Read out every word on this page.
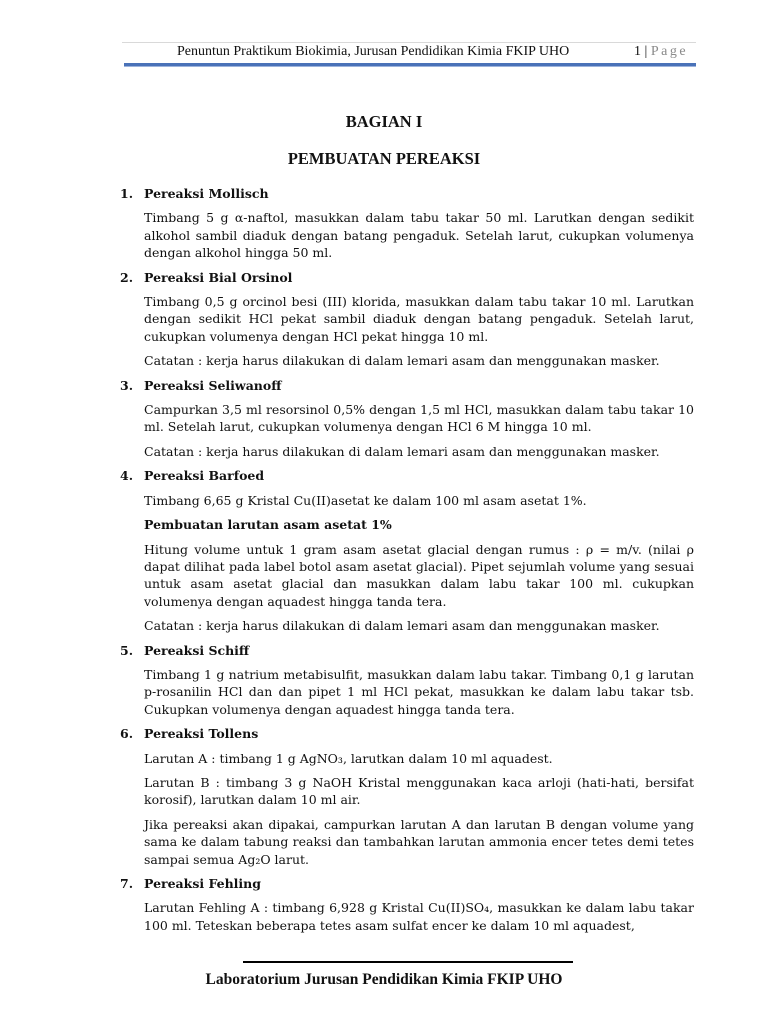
Penuntun Praktikum Biokimia, Jurusan Pendidikan Kimia FKIP UHO	1 | Page
BAGIAN I
PEMBUATAN PEREAKSI
1. Pereaksi Mollisch

Timbang 5 g α-naftol, masukkan dalam tabu takar 50 ml. Larutkan dengan sedikit alkohol sambil diaduk dengan batang pengaduk. Setelah larut, cukupkan volumenya dengan alkohol hingga 50 ml.

2. Pereaksi Bial Orsinol

Timbang 0,5 g orcinol besi (III) klorida, masukkan dalam tabu takar 10 ml. Larutkan dengan sedikit HCl pekat sambil diaduk dengan batang pengaduk. Setelah larut, cukupkan volumenya dengan HCl pekat hingga 10 ml.

Catatan : kerja harus dilakukan di dalam lemari asam dan menggunakan masker.

3. Pereaksi Seliwanoff

Campurkan 3,5 ml resorsinol 0,5% dengan 1,5 ml HCl, masukkan dalam tabu takar 10 ml. Setelah larut, cukupkan volumenya dengan HCl 6 M hingga 10 ml.

Catatan : kerja harus dilakukan di dalam lemari asam dan menggunakan masker.

4. Pereaksi Barfoed

Timbang 6,65 g Kristal Cu(II)asetat ke dalam 100 ml asam asetat 1%.

Pembuatan larutan asam asetat 1%

Hitung volume untuk 1 gram asam asetat glacial dengan rumus : ρ = m/v. (nilai ρ dapat dilihat pada label botol asam asetat glacial). Pipet sejumlah volume yang sesuai untuk asam asetat glacial dan masukkan dalam labu takar 100 ml. cukupkan volumenya dengan aquadest hingga tanda tera.

Catatan : kerja harus dilakukan di dalam lemari asam dan menggunakan masker.

5. Pereaksi Schiff

Timbang 1 g natrium metabisulfit, masukkan dalam labu takar. Timbang 0,1 g larutan p-rosanilin HCl dan dan pipet 1 ml HCl pekat, masukkan ke dalam labu takar tsb. Cukupkan volumenya dengan aquadest hingga tanda tera.

6. Pereaksi Tollens

Larutan A : timbang 1 g AgNO₃, larutkan dalam 10 ml aquadest.

Larutan B : timbang 3 g NaOH Kristal menggunakan kaca arloji (hati-hati, bersifat korosif), larutkan dalam 10 ml air.

Jika pereaksi akan dipakai, campurkan larutan A dan larutan B dengan volume yang sama ke dalam tabung reaksi dan tambahkan larutan ammonia encer tetes demi tetes sampai semua Ag₂O larut.

7. Pereaksi Fehling

Larutan Fehling A : timbang 6,928 g Kristal Cu(II)SO₄, masukkan ke dalam labu takar 100 ml. Teteskan beberapa tetes asam sulfat encer ke dalam 10 ml aquadest,

Laboratorium Jurusan Pendidikan Kimia FKIP UHO
